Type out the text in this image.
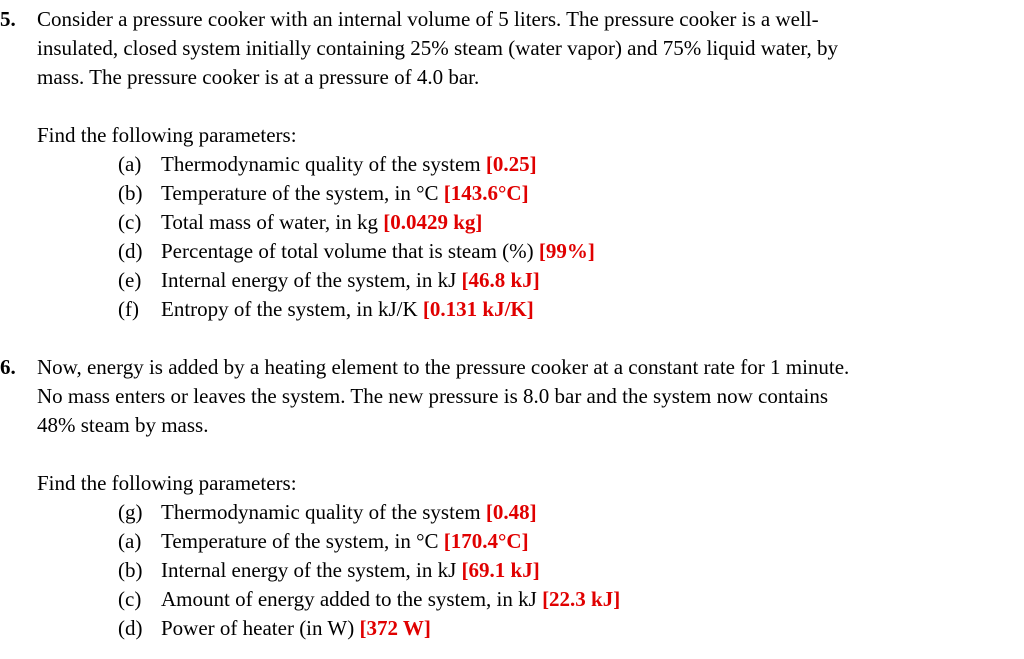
5. Consider a pressure cooker with an internal volume of 5 liters. The pressure cooker is a well-
insulated, closed system initially containing 25% steam (water vapor) and 75% liquid water, by
mass. The pressure cooker is at a pressure of 4.0 bar.
Find the following parameters:
(a) Thermodynamic quality of the system [0.25]
(b) Temperature of the system, in °C [143.6°C]
(c) Total mass of water, in kg [0.0429 kg]
(d) Percentage of total volume that is steam (%) [99%]
(e) Internal energy of the system, in kJ [46.8 kJ]
(f) Entropy of the system, in kJ/K [0.131 kJ/K]
6. Now, energy is added by a heating element to the pressure cooker at a constant rate for 1 minute.
No mass enters or leaves the system. The new pressure is 8.0 bar and the system now contains
48% steam by mass.
Find the following parameters:
(g) Thermodynamic quality of the system [0.48]
(a) Temperature of the system, in °C [170.4°C]
(b) Internal energy of the system, in kJ [69.1 kJ]
(c) Amount of energy added to the system, in kJ [22.3 kJ]
(d) Power of heater (in W) [372 W]
